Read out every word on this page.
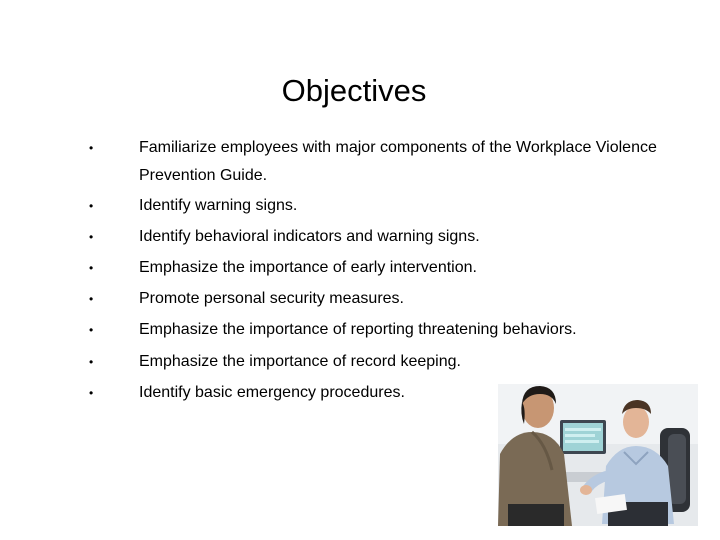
Objectives
•	Familiarize employees with major components of the Workplace Violence Prevention Guide.
•	Identify warning signs.
•	Identify behavioral indicators and warning signs.
•	Emphasize the importance of early intervention.
•	Promote personal security measures.
•	Emphasize the importance of reporting threatening behaviors.
•	Emphasize the importance of record keeping.
•	Identify basic emergency procedures.
